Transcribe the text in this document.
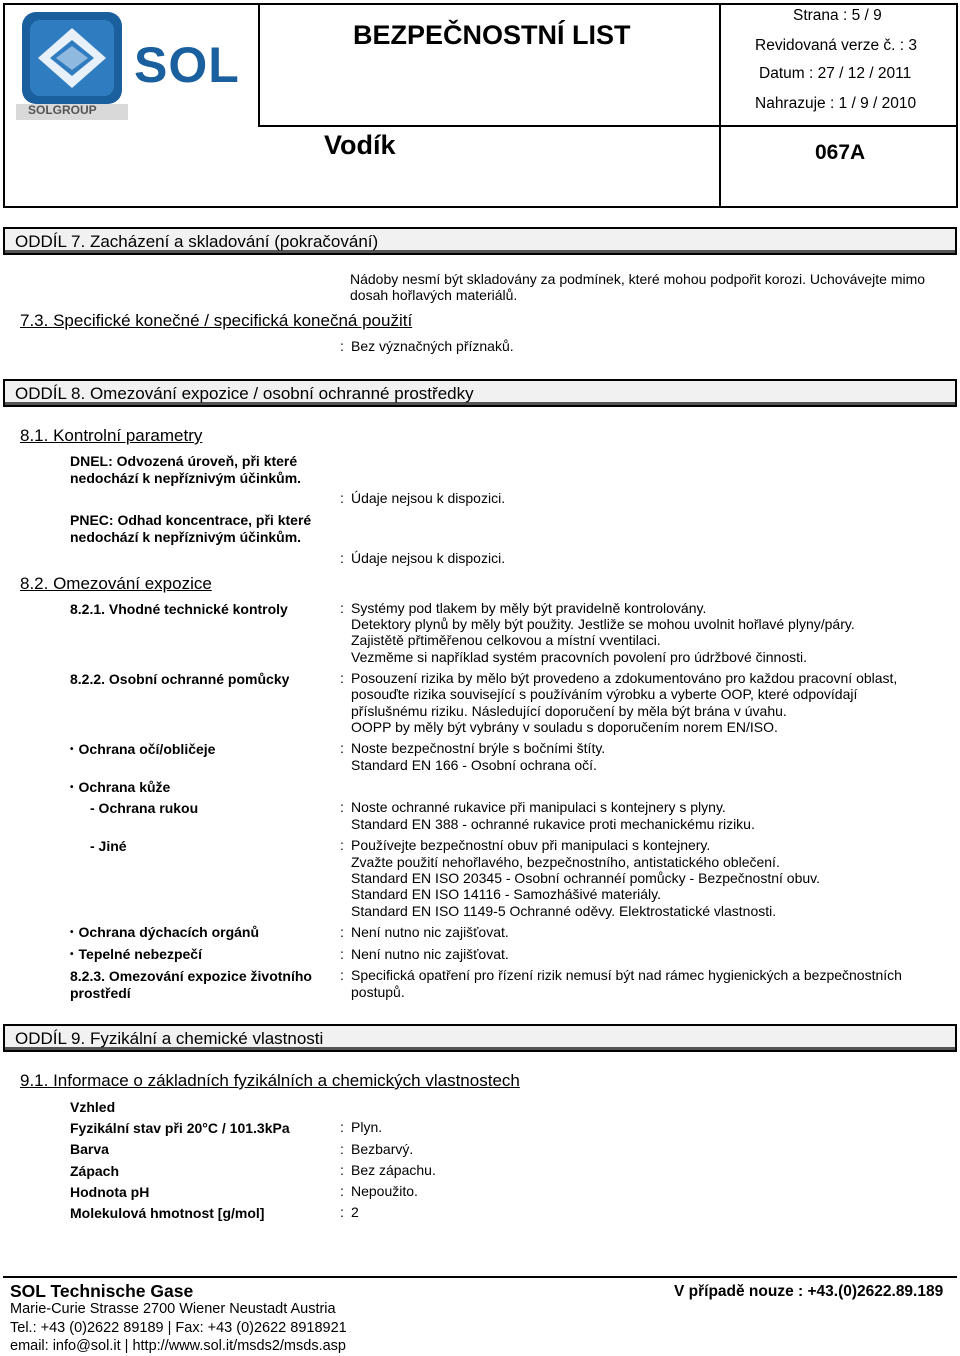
SOL
SOLGROUP
BEZPEČNOSTNÍ LIST
Vodík
Strana : 5 / 9
Revidovaná verze č. : 3
Datum : 27 / 12 / 2011
Nahrazuje : 1 / 9 / 2010
067A
ODDÍL 7. Zacházení a skladování (pokračování)
Nádoby nesmí být skladovány za podmínek, které mohou podpořit korozi. Uchovávejte mimo
dosah hořlavých materiálů.
7.3. Specifické konečné / specifická konečná použití
: Bez význačných příznaků.
ODDÍL 8. Omezování expozice / osobní ochranné prostředky
8.1. Kontrolní parametry
DNEL: Odvozená úroveň, při které
nedochází k nepříznivým účinkům.
: Údaje nejsou k dispozici.
PNEC: Odhad koncentrace, při které
nedochází k nepříznivým účinkům.
: Údaje nejsou k dispozici.
8.2. Omezování expozice
8.2.1. Vhodné technické kontroly	: Systémy pod tlakem by měly být pravidelně kontrolovány.
Detektory plynů by měly být použity. Jestliže se mohou uvolnit hořlavé plyny/páry.
Zajistětě přtiměřenou celkovou a místní vventilaci.
Vezměme si například systém pracovních povolení pro údržbové činnosti.
8.2.2. Osobní ochranné pomůcky	: Posouzení rizika by mělo být provedeno a zdokumentováno pro každou pracovní oblast,
posouďte rizika související s používáním výrobku a vyberte OOP, které odpovídají
příslušnému riziku. Následující doporučení by měla být brána v úvahu.
OOPP by měly být vybrány v souladu s doporučením norem EN/ISO.
• Ochrana očí/obličeje	: Noste bezpečnostní brýle s bočními štíty.
Standard EN 166 - Osobní ochrana očí.
• Ochrana kůže
- Ochrana rukou	: Noste ochranné rukavice při manipulaci s kontejnery s plyny.
Standard EN 388 - ochranné rukavice proti mechanickému riziku.
- Jiné	: Používejte bezpečnostní obuv při manipulaci s kontejnery.
Zvažte použití nehořlavého, bezpečnostního, antistatického oblečení.
Standard EN ISO 20345 - Osobní ochrannéí pomůcky - Bezpečnostní obuv.
Standard EN ISO 14116 - Samozhášivé materiály.
Standard EN ISO 1149-5 Ochranné oděvy. Elektrostatické vlastnosti.
• Ochrana dýchacích orgánů	: Není nutno nic zajišťovat.
• Tepelné nebezpečí	: Není nutno nic zajišťovat.
8.2.3. Omezování expozice životního
prostředí
: Specifická opatření pro řízení rizik nemusí být nad rámec hygienických a bezpečnostních
postupů.
ODDÍL 9. Fyzikální a chemické vlastnosti
9.1. Informace o základních fyzikálních a chemických vlastnostech
Vzhled
Fyzikální stav při 20°C / 101.3kPa	: Plyn.
Barva	: Bezbarvý.
Zápach	: Bez zápachu.
Hodnota pH	: Nepoužito.
Molekulová hmotnost [g/mol]	: 2
SOL Technische Gase	V případě nouze : +43.(0)2622.89.189
Marie-Curie Strasse 2700 Wiener Neustadt Austria
Tel.: +43 (0)2622 89189 | Fax: +43 (0)2622 8918921
email: info@sol.it | http://www.sol.it/msds2/msds.asp
